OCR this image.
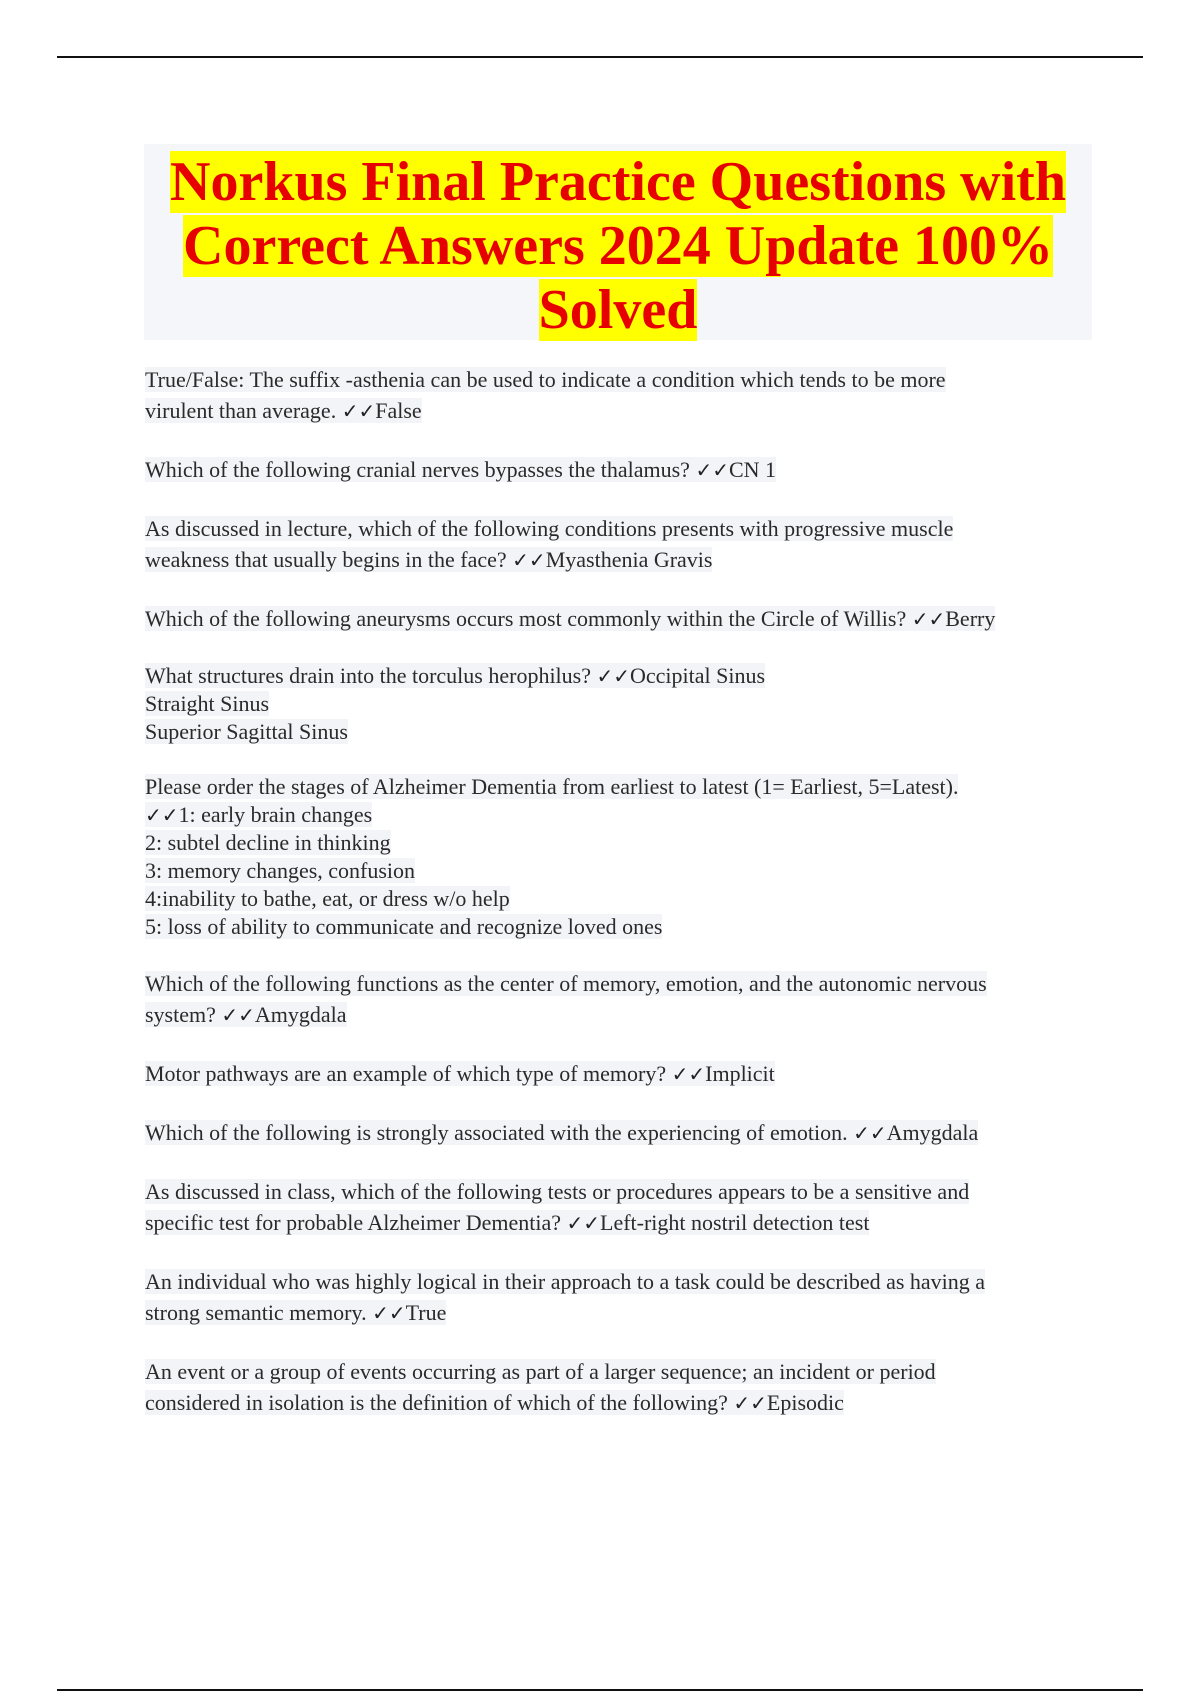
Norkus Final Practice Questions with
Correct Answers 2024 Update 100%
Solved
True/False: The suffix -asthenia can be used to indicate a condition which tends to be more
virulent than average. ✓✓False
Which of the following cranial nerves bypasses the thalamus? ✓✓CN 1
As discussed in lecture, which of the following conditions presents with progressive muscle
weakness that usually begins in the face? ✓✓Myasthenia Gravis
Which of the following aneurysms occurs most commonly within the Circle of Willis? ✓✓Berry
What structures drain into the torculus herophilus? ✓✓Occipital Sinus
Straight Sinus
Superior Sagittal Sinus
Please order the stages of Alzheimer Dementia from earliest to latest (1= Earliest, 5=Latest).
✓✓1: early brain changes
2: subtel decline in thinking
3: memory changes, confusion
4:inability to bathe, eat, or dress w/o help
5: loss of ability to communicate and recognize loved ones
Which of the following functions as the center of memory, emotion, and the autonomic nervous
system? ✓✓Amygdala
Motor pathways are an example of which type of memory? ✓✓Implicit
Which of the following is strongly associated with the experiencing of emotion. ✓✓Amygdala
As discussed in class, which of the following tests or procedures appears to be a sensitive and
specific test for probable Alzheimer Dementia? ✓✓Left-right nostril detection test
An individual who was highly logical in their approach to a task could be described as having a
strong semantic memory. ✓✓True
An event or a group of events occurring as part of a larger sequence; an incident or period
considered in isolation is the definition of which of the following? ✓✓Episodic
